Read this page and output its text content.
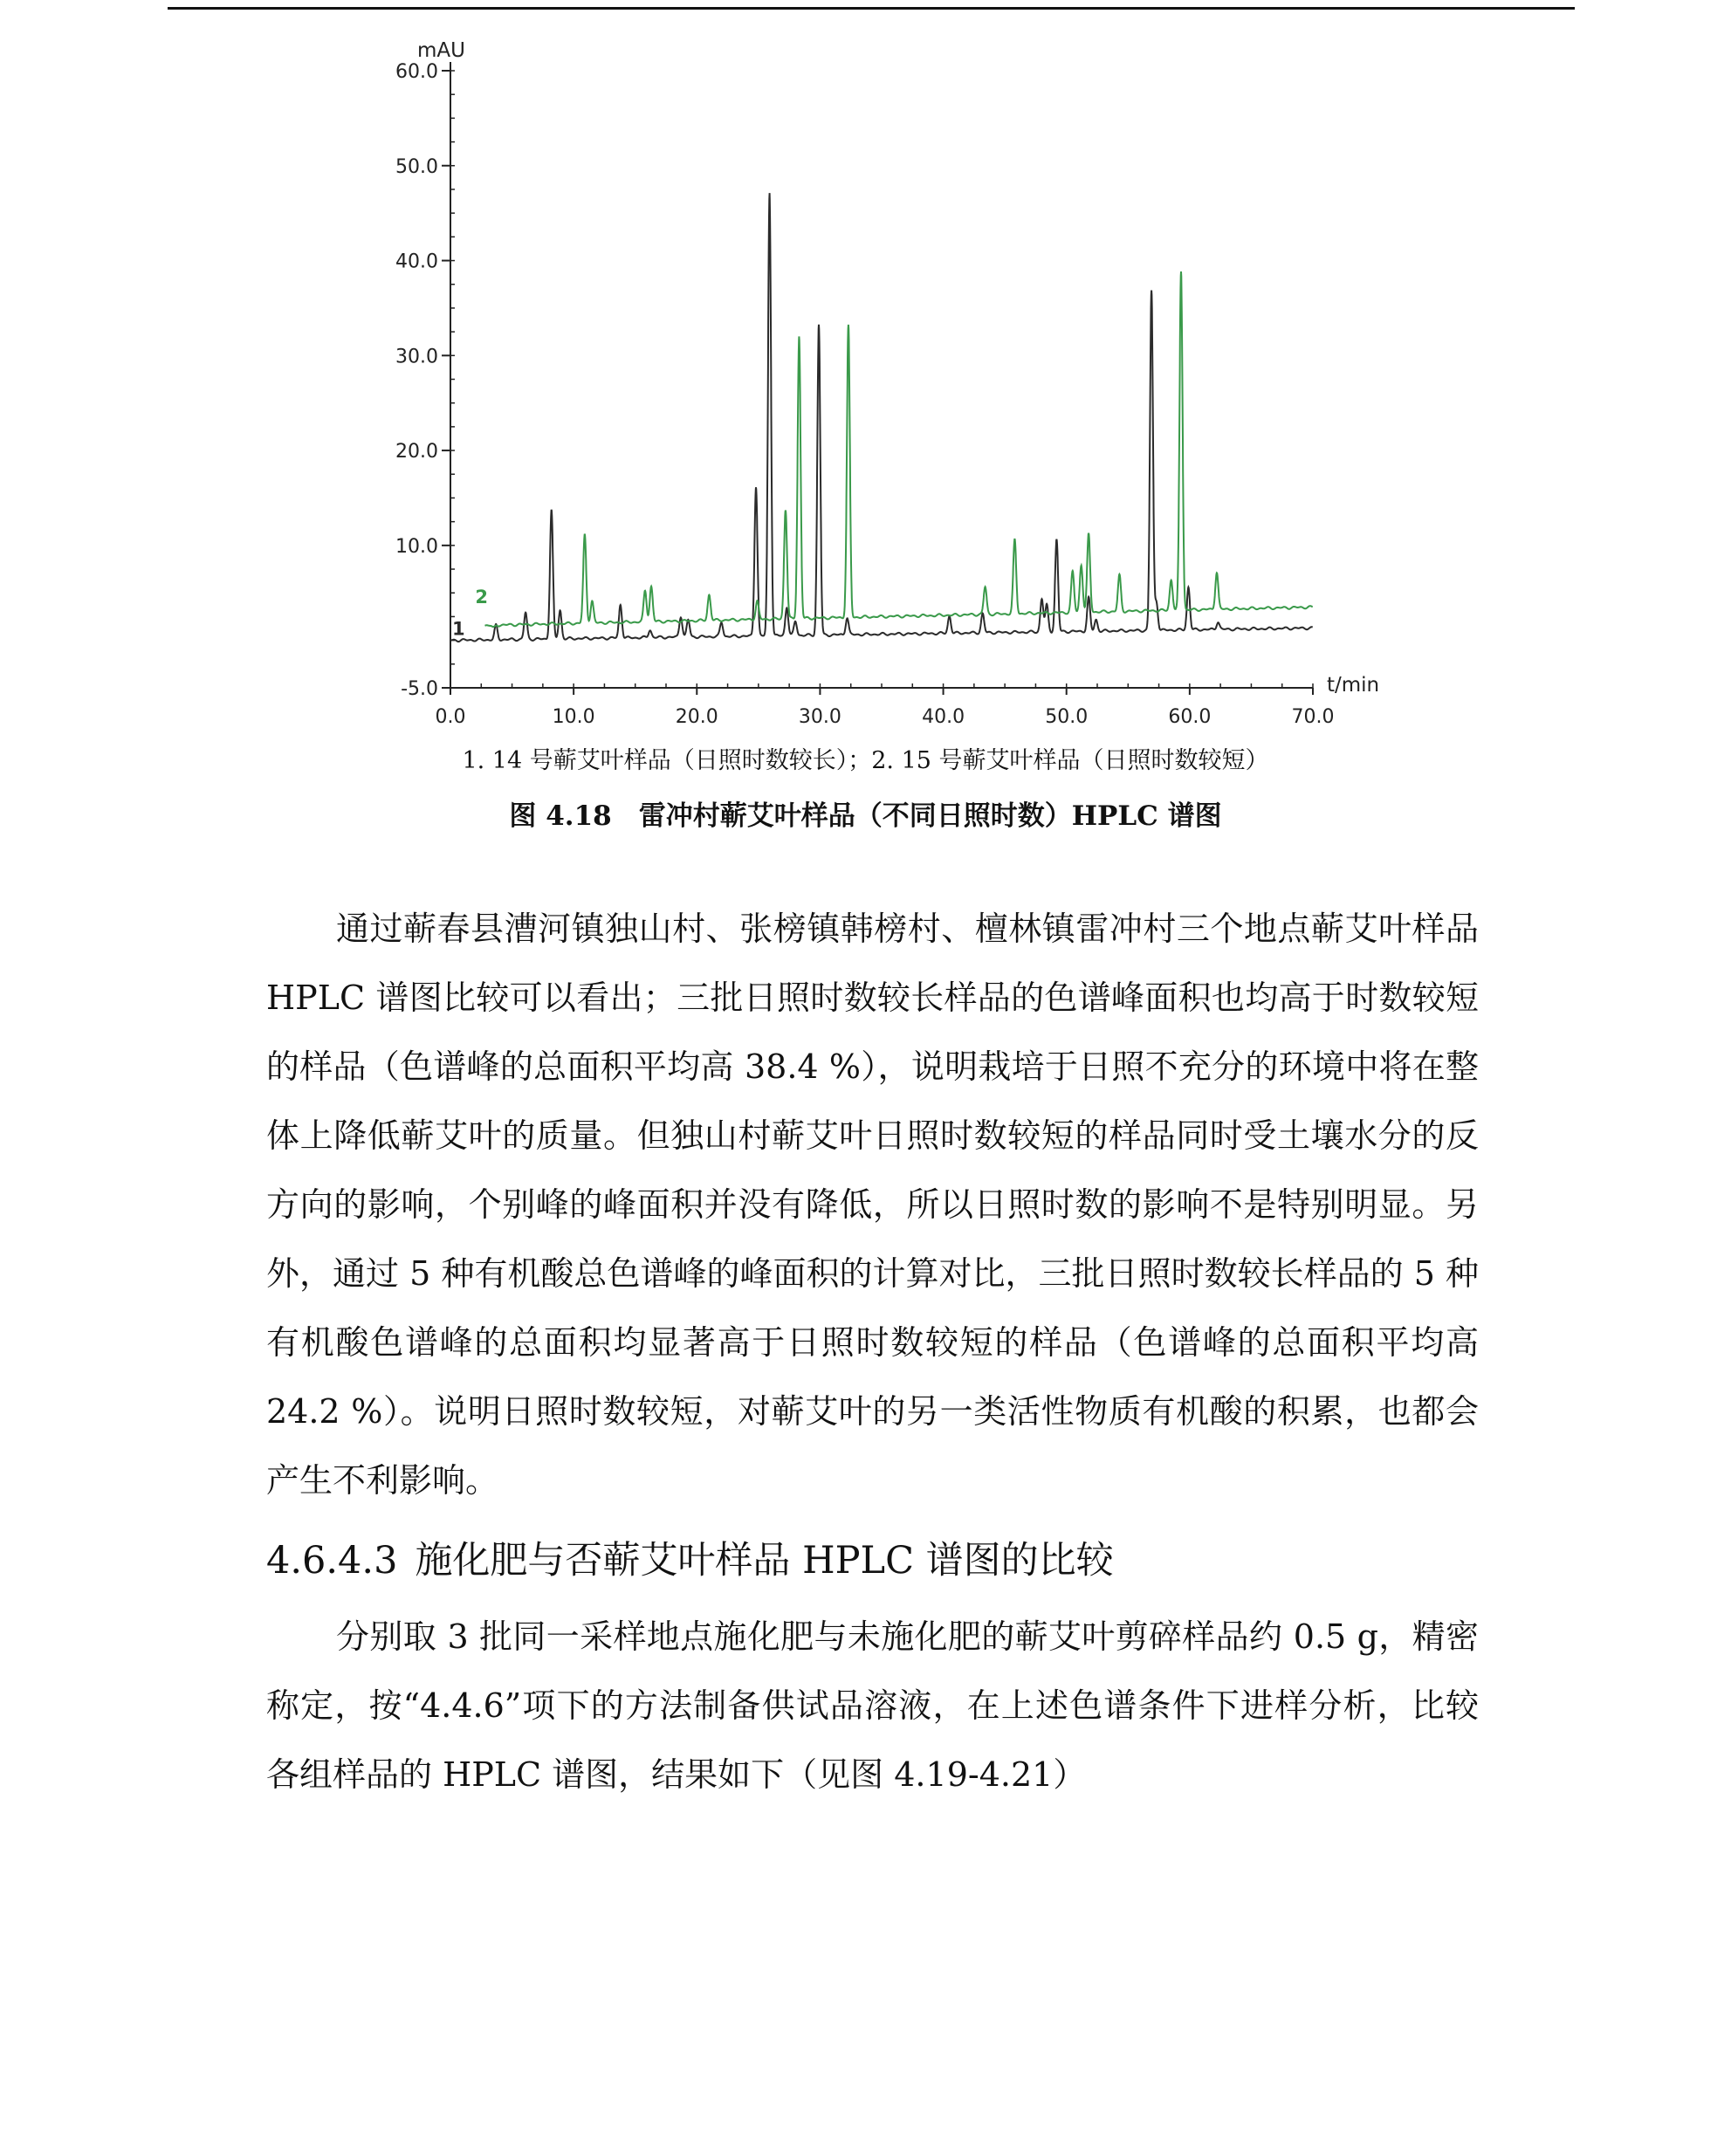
-5.0
10.0
20.0
30.0
40.0
50.0
60.0
0.0	10.0	20.0	30.0	40.0	50.0	60.0	70.0
mAU
t/min
1
2
1. 14 号蕲艾叶样品（日照时数较长）；2. 15 号蕲艾叶样品（日照时数较短）
图 4.18　雷冲村蕲艾叶样品（不同日照时数）HPLC 谱图

通过蕲春县漕河镇独山村、张榜镇韩榜村、檀林镇雷冲村三个地点蕲艾叶样品 HPLC 谱图比较可以看出；三批日照时数较长样品的色谱峰面积也均高于时数较短的样品（色谱峰的总面积平均高 38.4 %），说明栽培于日照不充分的环境中将在整体上降低蕲艾叶的质量。但独山村蕲艾叶日照时数较短的样品同时受土壤水分的反方向的影响，个别峰的峰面积并没有降低，所以日照时数的影响不是特别明显。另外，通过 5 种有机酸总色谱峰的峰面积的计算对比，三批日照时数较长样品的 5 种有机酸色谱峰的总面积均显著高于日照时数较短的样品（色谱峰的总面积平均高 24.2 %）。说明日照时数较短，对蕲艾叶的另一类活性物质有机酸的积累，也都会产生不利影响。

4.6.4.3 施化肥与否蕲艾叶样品 HPLC 谱图的比较

分别取 3 批同一采样地点施化肥与未施化肥的蕲艾叶剪碎样品约 0.5 g，精密称定，按“4.4.6”项下的方法制备供试品溶液，在上述色谱条件下进样分析，比较各组样品的 HPLC 谱图，结果如下（见图 4.19-4.21）
